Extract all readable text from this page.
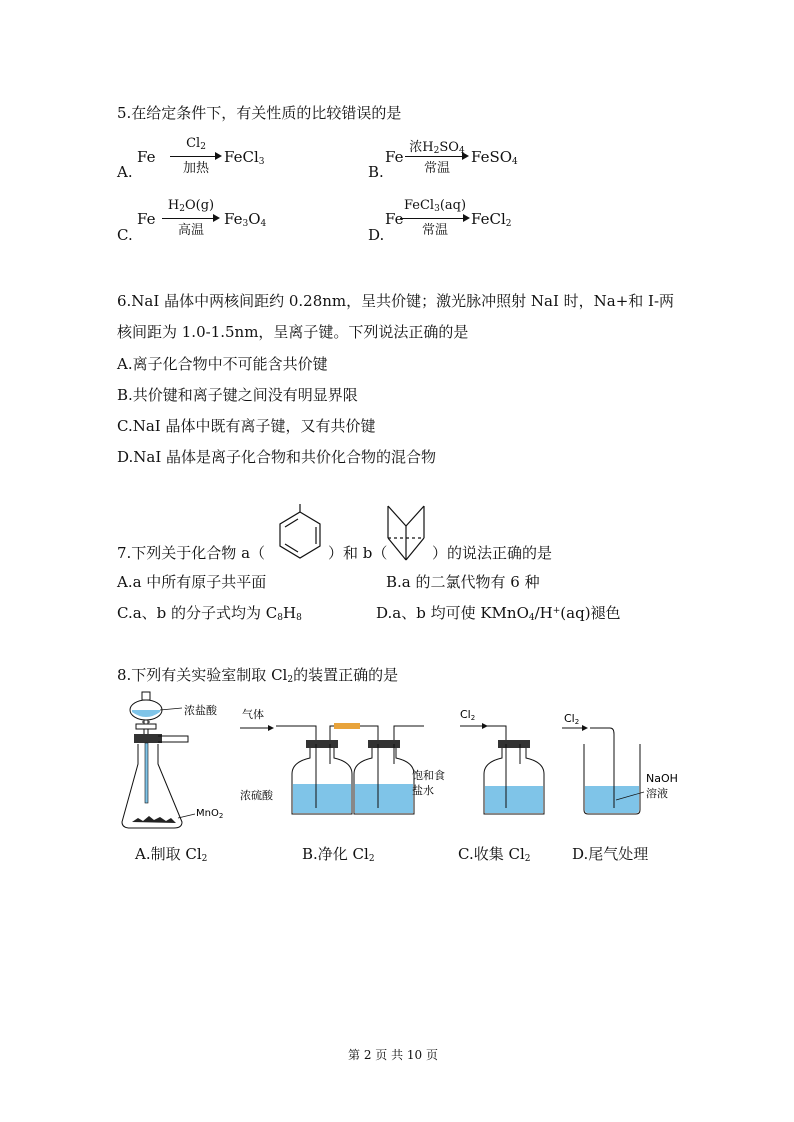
5.在给定条件下，有关性质的比较错误的是
A.
Fe
$Cl_2$
加热
FeCl$_3$
B.
Fe
浓$H_2SO_4$
常温
FeSO$_4$
C.
Fe
$H_2O(g)$
高温
$Fe_3O_4$
D.
Fe
FeCl$_3$(aq)
常温
FeCl$_2$
6.NaI 晶体中两核间距约 0.28nm，呈共价键；激光脉冲照射 NaI 时，Na+和 I-两
核间距为 1.0-1.5nm，呈离子键。下列说法正确的是
A.离子化合物中不可能含共价键
B.共价键和离子键之间没有明显界限
C.NaI 晶体中既有离子键，又有共价键
D.NaI 晶体是离子化合物和共价化合物的混合物
7.下列关于化合物 a（	）和 b（	）的说法正确的是
A.a 中所有原子共平面	B.a 的二氯代物有 6 种
C.a、b 的分子式均为 $C_8H_8$	D.a、b 均可使 KMnO$_4$/H+(aq)褪色
8.下列有关实验室制取 $Cl_2$的装置正确的是
浓盐酸
MnO$_2$
气体
浓硫酸
饱和食
盐水
Cl2	Cl2
NaOH
溶液
A.制取 $Cl_2$	B.净化 $Cl_2$	C.收集 $Cl_2$	D.尾气处理
第 2 页 共 10 页
